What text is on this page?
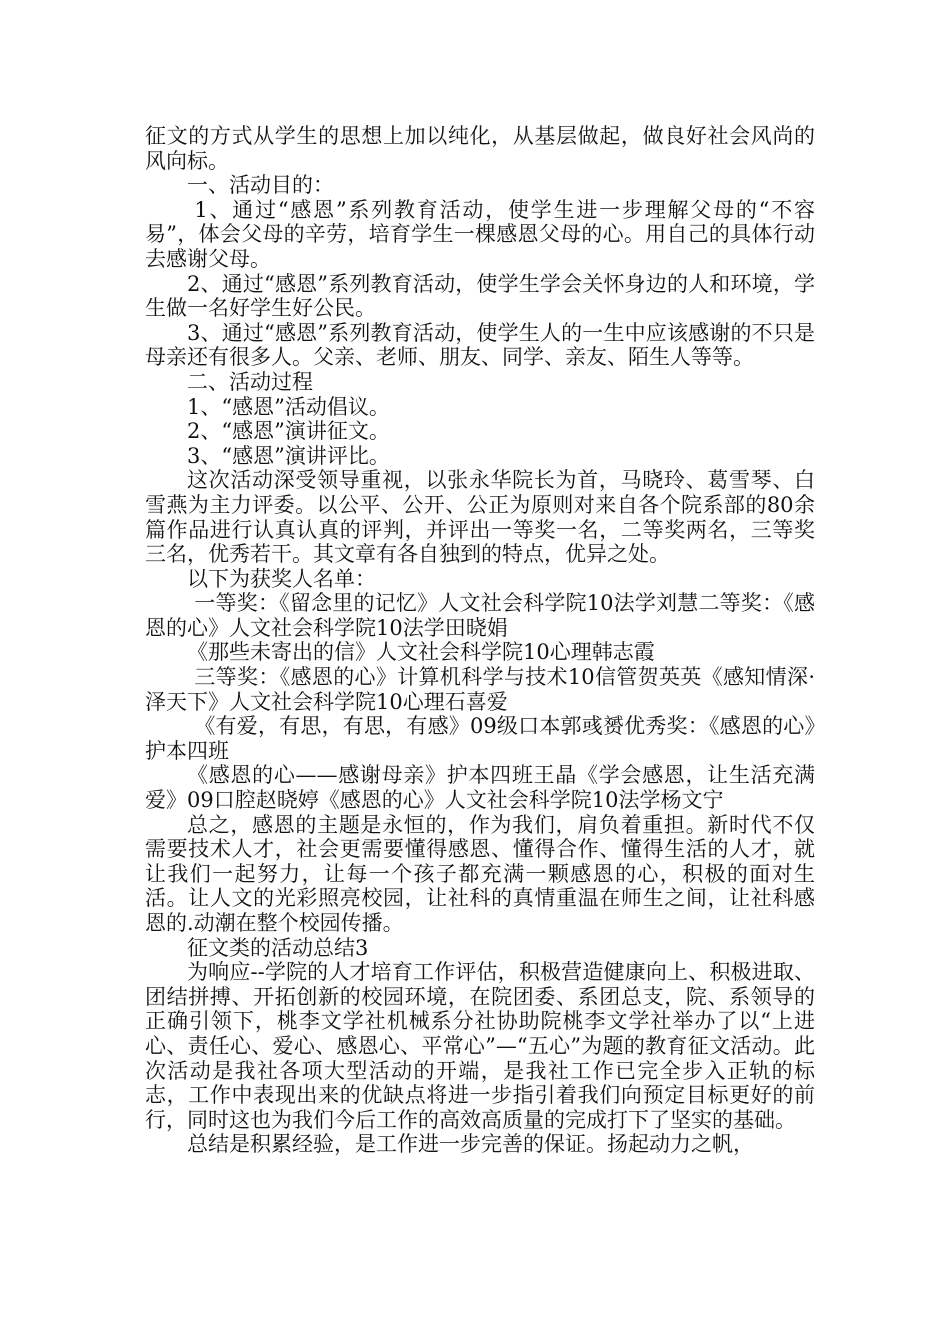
征文的方式从学生的思想上加以纯化，从基层做起，做良好社会风尚的风向标。

一、活动目的：

1、通过“感恩”系列教育活动，使学生进一步理解父母的“不容易”，体会父母的辛劳，培育学生一棵感恩父母的心。用自己的具体行动去感谢父母。

2、通过“感恩”系列教育活动，使学生学会关怀身边的人和环境，学生做一名好学生好公民。

3、通过“感恩”系列教育活动，使学生人的一生中应该感谢的不只是母亲还有很多人。父亲、老师、朋友、同学、亲友、陌生人等等。

二、活动过程

1、“感恩”活动倡议。

2、“感恩”演讲征文。

3、“感恩”演讲评比。

这次活动深受领导重视，以张永华院长为首，马晓玲、葛雪琴、白雪燕为主力评委。以公平、公开、公正为原则对来自各个院系部的80余篇作品进行认真认真的评判，并评出一等奖一名，二等奖两名，三等奖三名，优秀若干。其文章有各自独到的特点，优异之处。

以下为获奖人名单：

一等奖：《留念里的记忆》人文社会科学院10法学刘慧二等奖：《感恩的心》人文社会科学院10法学田晓娟

《那些未寄出的信》人文社会科学院10心理韩志霞

三等奖：《感恩的心》计算机科学与技术10信管贺英英《感知情深·泽天下》人文社会科学院10心理石喜爱

《有爱，有思，有思，有感》09级口本郭彧赟优秀奖：《感恩的心》护本四班

《感恩的心——感谢母亲》护本四班王晶《学会感恩，让生活充满爱》09口腔赵晓婷《感恩的心》人文社会科学院10法学杨文宁

总之，感恩的主题是永恒的，作为我们，肩负着重担。新时代不仅需要技术人才，社会更需要懂得感恩、懂得合作、懂得生活的人才，就让我们一起努力，让每一个孩子都充满一颗感恩的心，积极的面对生活。让人文的光彩照亮校园，让社科的真情重温在师生之间，让社科感恩的.动潮在整个校园传播。

征文类的活动总结3

为响应--学院的人才培育工作评估，积极营造健康向上、积极进取、团结拼搏、开拓创新的校园环境，在院团委、系团总支，院、系领导的正确引领下，桃李文学社机械系分社协助院桃李文学社举办了以“上进心、责任心、爱心、感恩心、平常心”—“五心”为题的教育征文活动。此次活动是我社各项大型活动的开端，是我社工作已完全步入正轨的标志，工作中表现出来的优缺点将进一步指引着我们向预定目标更好的前行，同时这也为我们今后工作的高效高质量的完成打下了坚实的基础。

总结是积累经验，是工作进一步完善的保证。扬起动力之帆，
